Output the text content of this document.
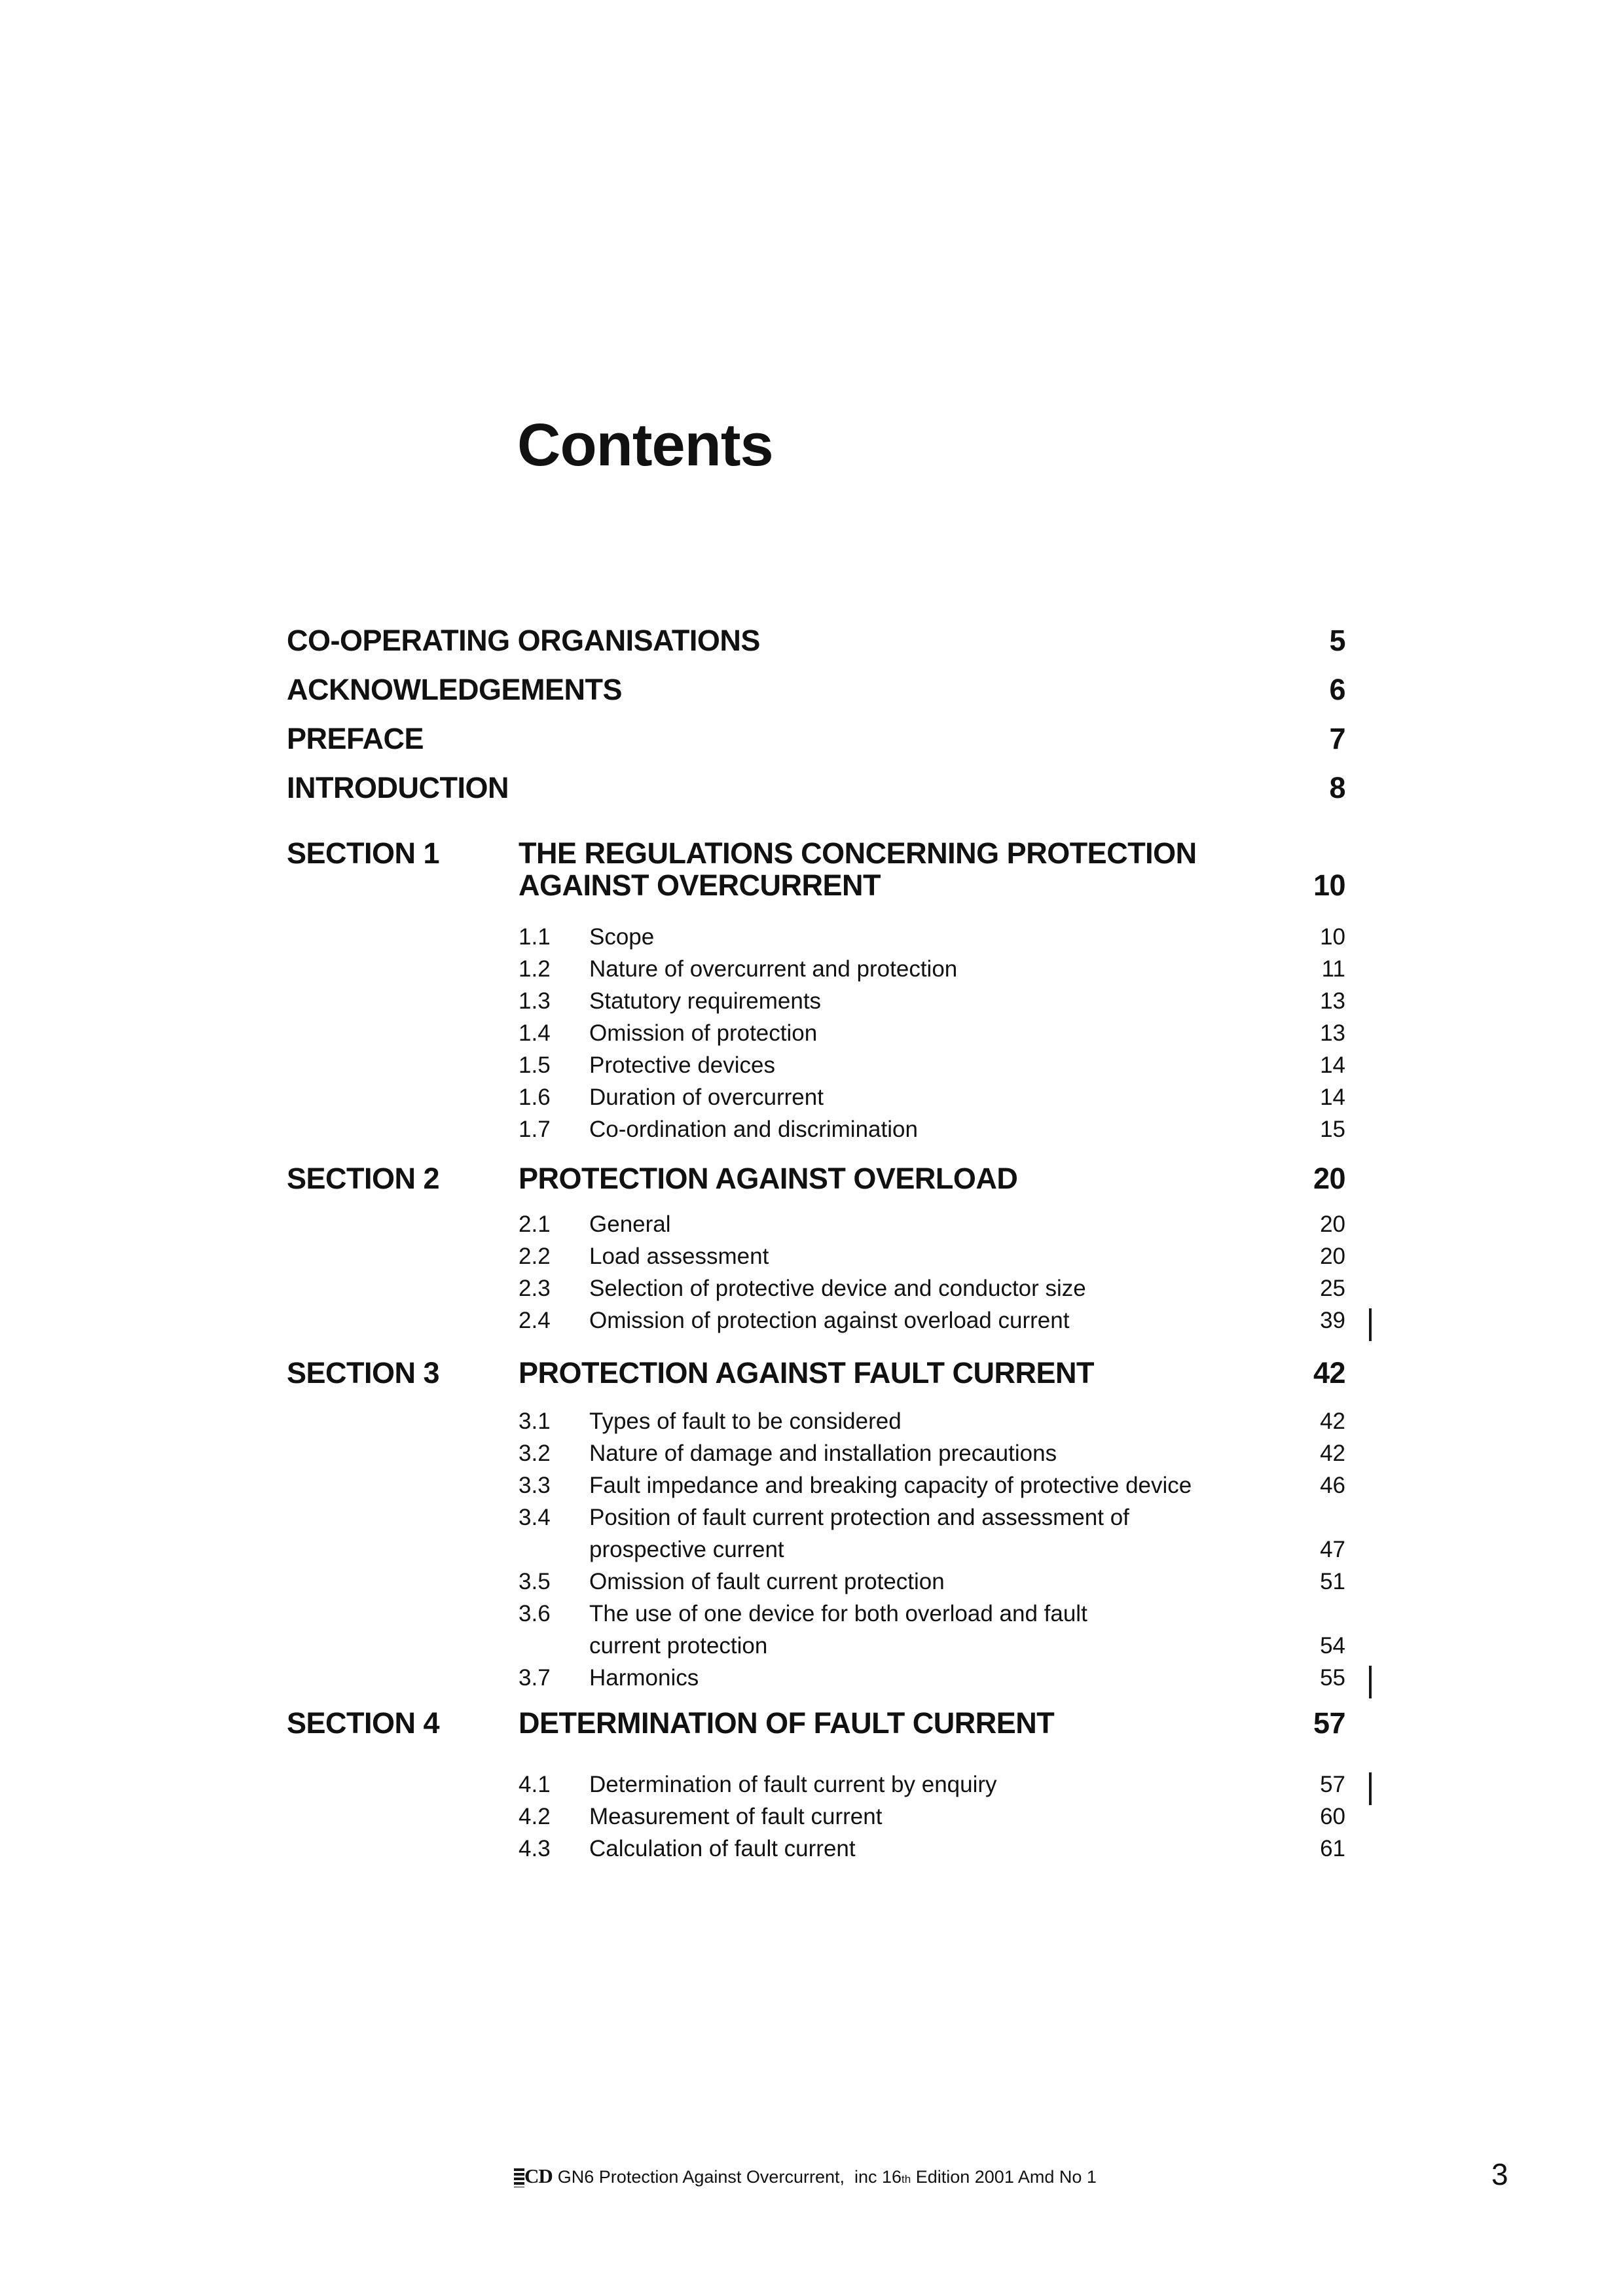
Contents
CO-OPERATING ORGANISATIONS	5
ACKNOWLEDGEMENTS	6
PREFACE	7
INTRODUCTION	8
SECTION 1	THE REGULATIONS CONCERNING PROTECTION
AGAINST OVERCURRENT	10
1.1	Scope	10
1.2	Nature of overcurrent and protection	11
1.3	Statutory requirements	13
1.4	Omission of protection	13
1.5	Protective devices	14
1.6	Duration of overcurrent	14
1.7	Co-ordination and discrimination	15
SECTION 2	PROTECTION AGAINST OVERLOAD	20
2.1	General	20
2.2	Load assessment	20
2.3	Selection of protective device and conductor size	25
2.4	Omission of protection against overload current	39
SECTION 3	PROTECTION AGAINST FAULT CURRENT	42
3.1	Types of fault to be considered	42
3.2	Nature of damage and installation precautions	42
3.3	Fault impedance and breaking capacity of protective device	46
3.4	Position of fault current protection and assessment of
prospective current	47
3.5	Omission of fault current protection	51
3.6	The use of one device for both overload and fault
current protection	54
3.7	Harmonics	55
SECTION 4	DETERMINATION OF FAULT CURRENT	57
4.1	Determination of fault current by enquiry	57
4.2	Measurement of fault current	60
4.3	Calculation of fault current	61
CD GN6 Protection Against Overcurrent,  inc 16 th Edition 2001 Amd No 1	3
